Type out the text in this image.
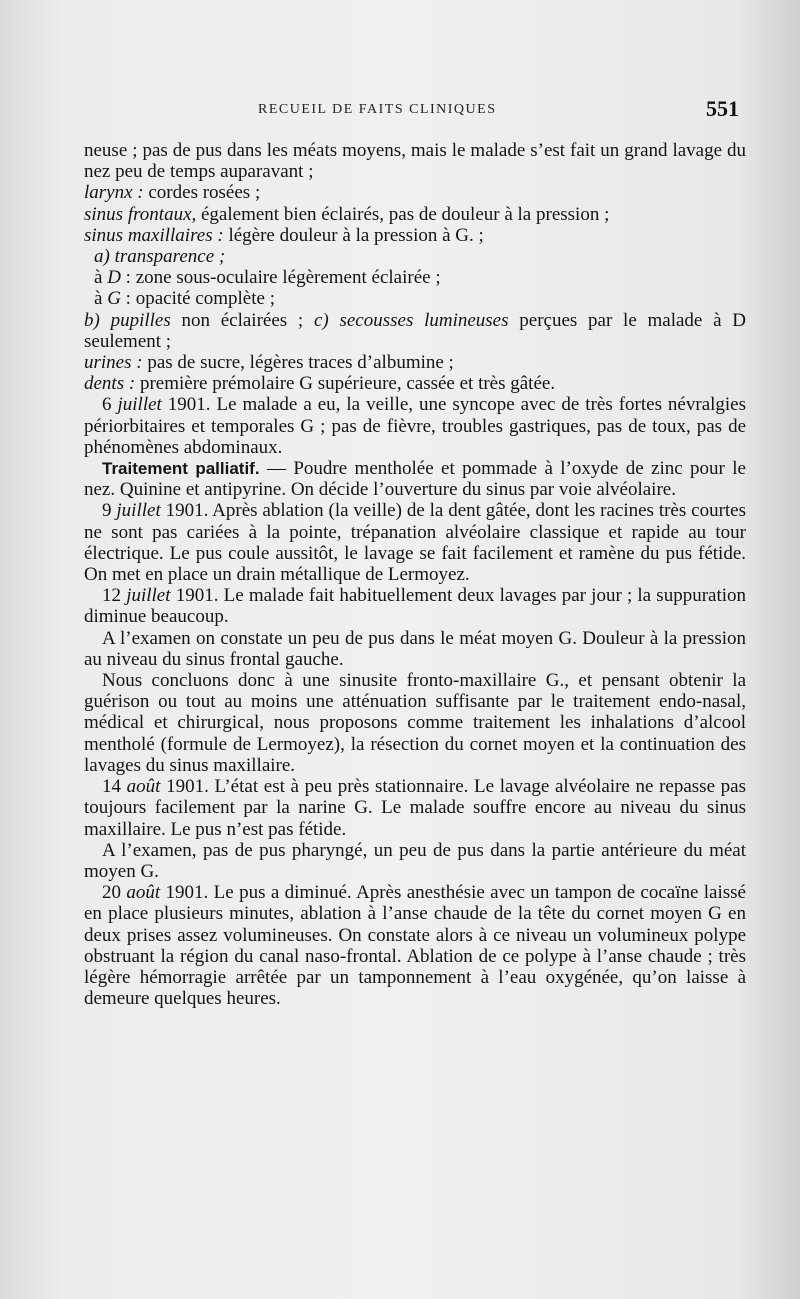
RECUEIL DE FAITS CLINIQUES	551

neuse ; pas de pus dans les méats moyens, mais le malade s’est fait un grand lavage du nez peu de temps auparavant ;

larynx : cordes rosées ;

sinus frontaux, également bien éclairés, pas de douleur à la pression ;

sinus maxillaires : légère douleur à la pression à G. ;

a) transparence ;

à D : zone sous-oculaire légèrement éclairée ;

à G : opacité complète ;

b) pupilles non éclairées ; c) secousses lumineuses perçues par le malade à D seulement ;

urines : pas de sucre, légères traces d’albumine ;

dents : première prémolaire G supérieure, cassée et très gâtée.

6 juillet 1901. Le malade a eu, la veille, une syncope avec de très fortes névralgies périorbitaires et temporales G ; pas de fièvre, troubles gastriques, pas de toux, pas de phénomènes abdominaux.

Traitement palliatif. — Poudre mentholée et pommade à l’oxyde de zinc pour le nez. Quinine et antipyrine. On décide l’ouverture du sinus par voie alvéolaire.

9 juillet 1901. Après ablation (la veille) de la dent gâtée, dont les racines très courtes ne sont pas cariées à la pointe, trépanation alvéolaire classique et rapide au tour électrique. Le pus coule aussitôt, le lavage se fait facilement et ramène du pus fétide. On met en place un drain métallique de Lermoyez.

12 juillet 1901. Le malade fait habituellement deux lavages par jour ; la suppuration diminue beaucoup.

A l’examen on constate un peu de pus dans le méat moyen G. Douleur à la pression au niveau du sinus frontal gauche.

Nous concluons donc à une sinusite fronto-maxillaire G., et pensant obtenir la guérison ou tout au moins une atténuation suffisante par le traitement endo-nasal, médical et chirurgical, nous proposons comme traitement les inhalations d’alcool mentholé (formule de Lermoyez), la résection du cornet moyen et la continuation des lavages du sinus maxillaire.

14 août 1901. L’état est à peu près stationnaire. Le lavage alvéolaire ne repasse pas toujours facilement par la narine G. Le malade souffre encore au niveau du sinus maxillaire. Le pus n’est pas fétide.

A l’examen, pas de pus pharyngé, un peu de pus dans la partie antérieure du méat moyen G.

20 août 1901. Le pus a diminué. Après anesthésie avec un tampon de cocaïne laissé en place plusieurs minutes, ablation à l’anse chaude de la tête du cornet moyen G en deux prises assez volumineuses. On constate alors à ce niveau un volumineux polype obstruant la région du canal naso-frontal. Ablation de ce polype à l’anse chaude ; très légère hémorragie arrêtée par un tamponnement à l’eau oxygénée, qu’on laisse à demeure quelques heures.
